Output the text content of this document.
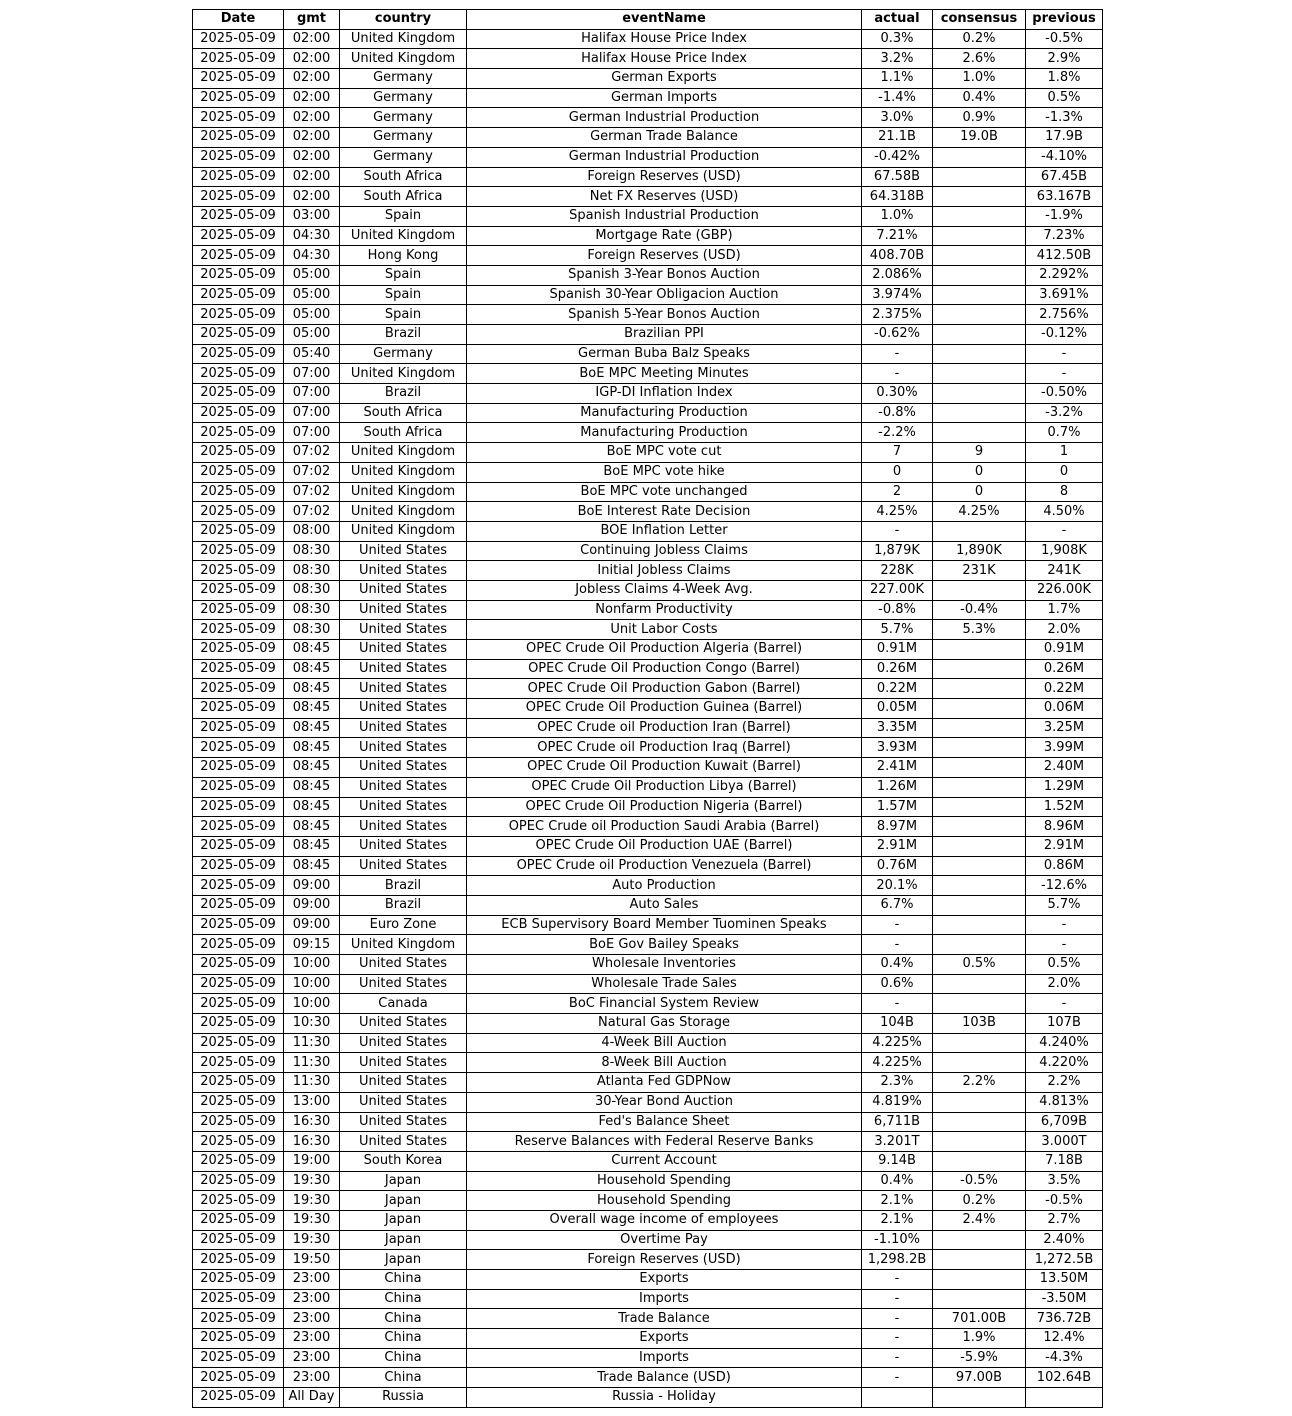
Date	gmt	country	eventName	actual	consensus	previous
2025-05-09	02:00	United Kingdom	Halifax House Price Index	0.3%	0.2%	-0.5%
2025-05-09	02:00	United Kingdom	Halifax House Price Index	3.2%	2.6%	2.9%
2025-05-09	02:00	Germany	German Exports	1.1%	1.0%	1.8%
2025-05-09	02:00	Germany	German Imports	-1.4%	0.4%	0.5%
2025-05-09	02:00	Germany	German Industrial Production	3.0%	0.9%	-1.3%
2025-05-09	02:00	Germany	German Trade Balance	21.1B	19.0B	17.9B
2025-05-09	02:00	Germany	German Industrial Production	-0.42%		-4.10%
2025-05-09	02:00	South Africa	Foreign Reserves (USD)	67.58B		67.45B
2025-05-09	02:00	South Africa	Net FX Reserves (USD)	64.318B		63.167B
2025-05-09	03:00	Spain	Spanish Industrial Production	1.0%		-1.9%
2025-05-09	04:30	United Kingdom	Mortgage Rate (GBP)	7.21%		7.23%
2025-05-09	04:30	Hong Kong	Foreign Reserves (USD)	408.70B		412.50B
2025-05-09	05:00	Spain	Spanish 3-Year Bonos Auction	2.086%		2.292%
2025-05-09	05:00	Spain	Spanish 30-Year Obligacion Auction	3.974%		3.691%
2025-05-09	05:00	Spain	Spanish 5-Year Bonos Auction	2.375%		2.756%
2025-05-09	05:00	Brazil	Brazilian PPI	-0.62%		-0.12%
2025-05-09	05:40	Germany	German Buba Balz Speaks	-		-
2025-05-09	07:00	United Kingdom	BoE MPC Meeting Minutes	-		-
2025-05-09	07:00	Brazil	IGP-DI Inflation Index	0.30%		-0.50%
2025-05-09	07:00	South Africa	Manufacturing Production	-0.8%		-3.2%
2025-05-09	07:00	South Africa	Manufacturing Production	-2.2%		0.7%
2025-05-09	07:02	United Kingdom	BoE MPC vote cut	7	9	1
2025-05-09	07:02	United Kingdom	BoE MPC vote hike	0	0	0
2025-05-09	07:02	United Kingdom	BoE MPC vote unchanged	2	0	8
2025-05-09	07:02	United Kingdom	BoE Interest Rate Decision	4.25%	4.25%	4.50%
2025-05-09	08:00	United Kingdom	BOE Inflation Letter	-		-
2025-05-09	08:30	United States	Continuing Jobless Claims	1,879K	1,890K	1,908K
2025-05-09	08:30	United States	Initial Jobless Claims	228K	231K	241K
2025-05-09	08:30	United States	Jobless Claims 4-Week Avg.	227.00K		226.00K
2025-05-09	08:30	United States	Nonfarm Productivity	-0.8%	-0.4%	1.7%
2025-05-09	08:30	United States	Unit Labor Costs	5.7%	5.3%	2.0%
2025-05-09	08:45	United States	OPEC Crude Oil Production Algeria (Barrel)	0.91M		0.91M
2025-05-09	08:45	United States	OPEC Crude Oil Production Congo (Barrel)	0.26M		0.26M
2025-05-09	08:45	United States	OPEC Crude Oil Production Gabon (Barrel)	0.22M		0.22M
2025-05-09	08:45	United States	OPEC Crude Oil Production Guinea (Barrel)	0.05M		0.06M
2025-05-09	08:45	United States	OPEC Crude oil Production Iran (Barrel)	3.35M		3.25M
2025-05-09	08:45	United States	OPEC Crude oil Production Iraq (Barrel)	3.93M		3.99M
2025-05-09	08:45	United States	OPEC Crude Oil Production Kuwait (Barrel)	2.41M		2.40M
2025-05-09	08:45	United States	OPEC Crude Oil Production Libya (Barrel)	1.26M		1.29M
2025-05-09	08:45	United States	OPEC Crude Oil Production Nigeria (Barrel)	1.57M		1.52M
2025-05-09	08:45	United States	OPEC Crude oil Production Saudi Arabia (Barrel)	8.97M		8.96M
2025-05-09	08:45	United States	OPEC Crude Oil Production UAE (Barrel)	2.91M		2.91M
2025-05-09	08:45	United States	OPEC Crude oil Production Venezuela (Barrel)	0.76M		0.86M
2025-05-09	09:00	Brazil	Auto Production	20.1%		-12.6%
2025-05-09	09:00	Brazil	Auto Sales	6.7%		5.7%
2025-05-09	09:00	Euro Zone	ECB Supervisory Board Member Tuominen Speaks	-		-
2025-05-09	09:15	United Kingdom	BoE Gov Bailey Speaks	-		-
2025-05-09	10:00	United States	Wholesale Inventories	0.4%	0.5%	0.5%
2025-05-09	10:00	United States	Wholesale Trade Sales	0.6%		2.0%
2025-05-09	10:00	Canada	BoC Financial System Review	-		-
2025-05-09	10:30	United States	Natural Gas Storage	104B	103B	107B
2025-05-09	11:30	United States	4-Week Bill Auction	4.225%		4.240%
2025-05-09	11:30	United States	8-Week Bill Auction	4.225%		4.220%
2025-05-09	11:30	United States	Atlanta Fed GDPNow	2.3%	2.2%	2.2%
2025-05-09	13:00	United States	30-Year Bond Auction	4.819%		4.813%
2025-05-09	16:30	United States	Fed's Balance Sheet	6,711B		6,709B
2025-05-09	16:30	United States	Reserve Balances with Federal Reserve Banks	3.201T		3.000T
2025-05-09	19:00	South Korea	Current Account	9.14B		7.18B
2025-05-09	19:30	Japan	Household Spending	0.4%	-0.5%	3.5%
2025-05-09	19:30	Japan	Household Spending	2.1%	0.2%	-0.5%
2025-05-09	19:30	Japan	Overall wage income of employees	2.1%	2.4%	2.7%
2025-05-09	19:30	Japan	Overtime Pay	-1.10%		2.40%
2025-05-09	19:50	Japan	Foreign Reserves (USD)	1,298.2B		1,272.5B
2025-05-09	23:00	China	Exports	-		13.50M
2025-05-09	23:00	China	Imports	-		-3.50M
2025-05-09	23:00	China	Trade Balance	-	701.00B	736.72B
2025-05-09	23:00	China	Exports	-	1.9%	12.4%
2025-05-09	23:00	China	Imports	-	-5.9%	-4.3%
2025-05-09	23:00	China	Trade Balance (USD)	-	97.00B	102.64B
2025-05-09	All Day	Russia	Russia - Holiday			
